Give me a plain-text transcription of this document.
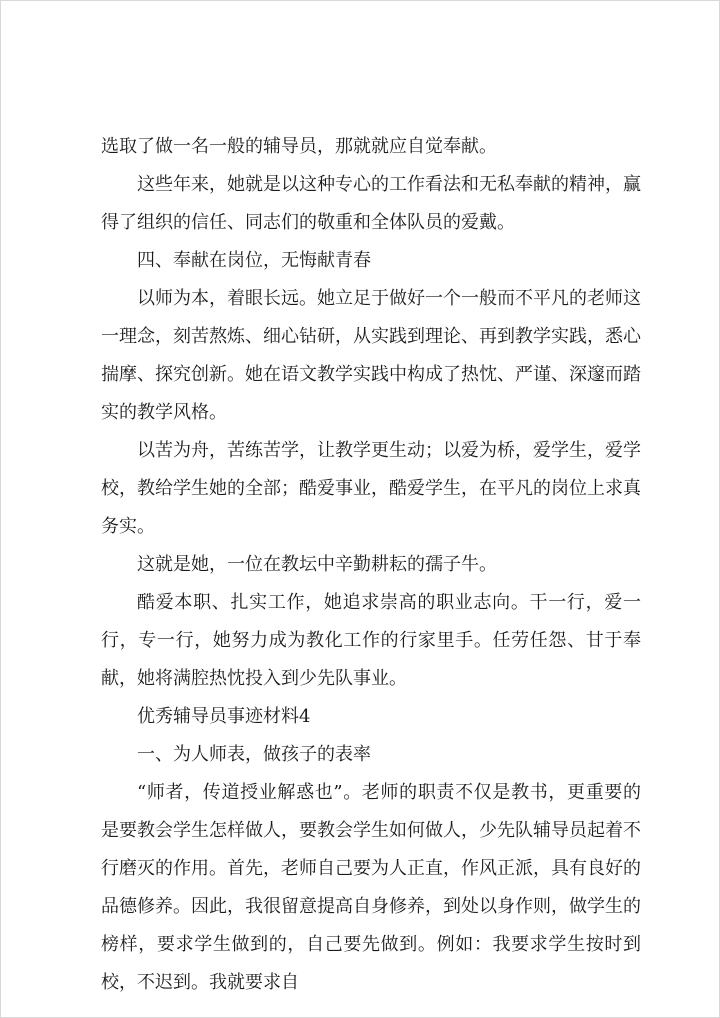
选取了做一名一般的辅导员，那就就应自觉奉献。

这些年来，她就是以这种专心的工作看法和无私奉献的精神，赢得了组织的信任、同志们的敬重和全体队员的爱戴。

四、奉献在岗位，无悔献青春

以师为本，着眼长远。她立足于做好一个一般而不平凡的老师这一理念，刻苦熬炼、细心钻研，从实践到理论、再到教学实践，悉心揣摩、探究创新。她在语文教学实践中构成了热忱、严谨、深邃而踏实的教学风格。

以苦为舟，苦练苦学，让教学更生动；以爱为桥，爱学生，爱学校，教给学生她的全部；酷爱事业，酷爱学生，在平凡的岗位上求真务实。

这就是她，一位在教坛中辛勤耕耘的孺子牛。

酷爱本职、扎实工作，她追求崇高的职业志向。干一行，爱一行，专一行，她努力成为教化工作的行家里手。任劳任怨、甘于奉献，她将满腔热忱投入到少先队事业。

优秀辅导员事迹材料4

一、为人师表，做孩子的表率

“师者，传道授业解惑也”。老师的职责不仅是教书，更重要的是要教会学生怎样做人，要教会学生如何做人，少先队辅导员起着不行磨灭的作用。首先，老师自己要为人正直，作风正派，具有良好的品德修养。因此，我很留意提高自身修养，到处以身作则，做学生的榜样，要求学生做到的，自己要先做到。例如：我要求学生按时到校，不迟到。我就要求自
